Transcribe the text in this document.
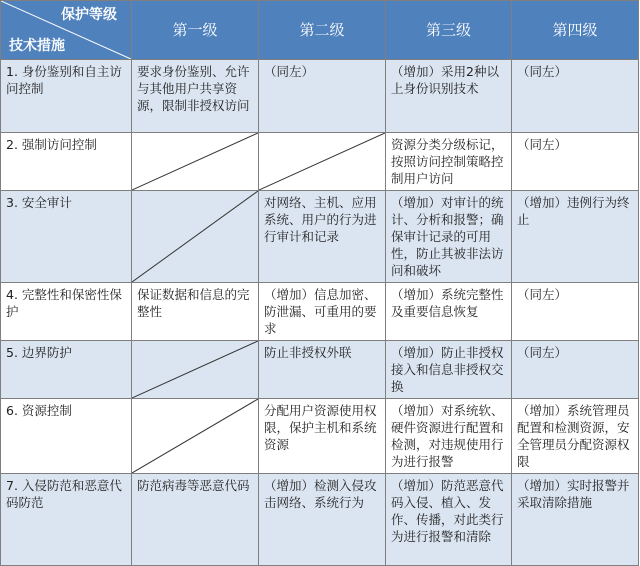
保护等级
技术措施	第一级	第二级	第三级	第四级
1. 身份鉴别和自主访问控制	要求身份鉴别、允许与其他用户共享资源，限制非授权访问	（同左）	（增加）采用2种以上身份识别技术	（同左）
2. 强制访问控制			资源分类分级标记，按照访问控制策略控制用户访问	（同左）
3. 安全审计		对网络、主机、应用系统、用户的行为进行审计和记录	（增加）对审计的统计、分析和报警；确保审计记录的可用性，防止其被非法访问和破坏	（增加）违例行为终止
4. 完整性和保密性保护	保证数据和信息的完整性	（增加）信息加密、防泄漏、可重用的要求	（增加）系统完整性及重要信息恢复	（同左）
5. 边界防护		防止非授权外联	（增加）防止非授权接入和信息非授权交换	（同左）
6. 资源控制		分配用户资源使用权限，保护主机和系统资源	（增加）对系统软、硬件资源进行配置和检测，对违规使用行为进行报警	（增加）系统管理员配置和检测资源，安全管理员分配资源权限
7. 入侵防范和恶意代码防范	防范病毒等恶意代码	（增加）检测入侵攻击网络、系统行为	（增加）防范恶意代码入侵、植入、发作、传播，对此类行为进行报警和清除	（增加）实时报警并采取清除措施
